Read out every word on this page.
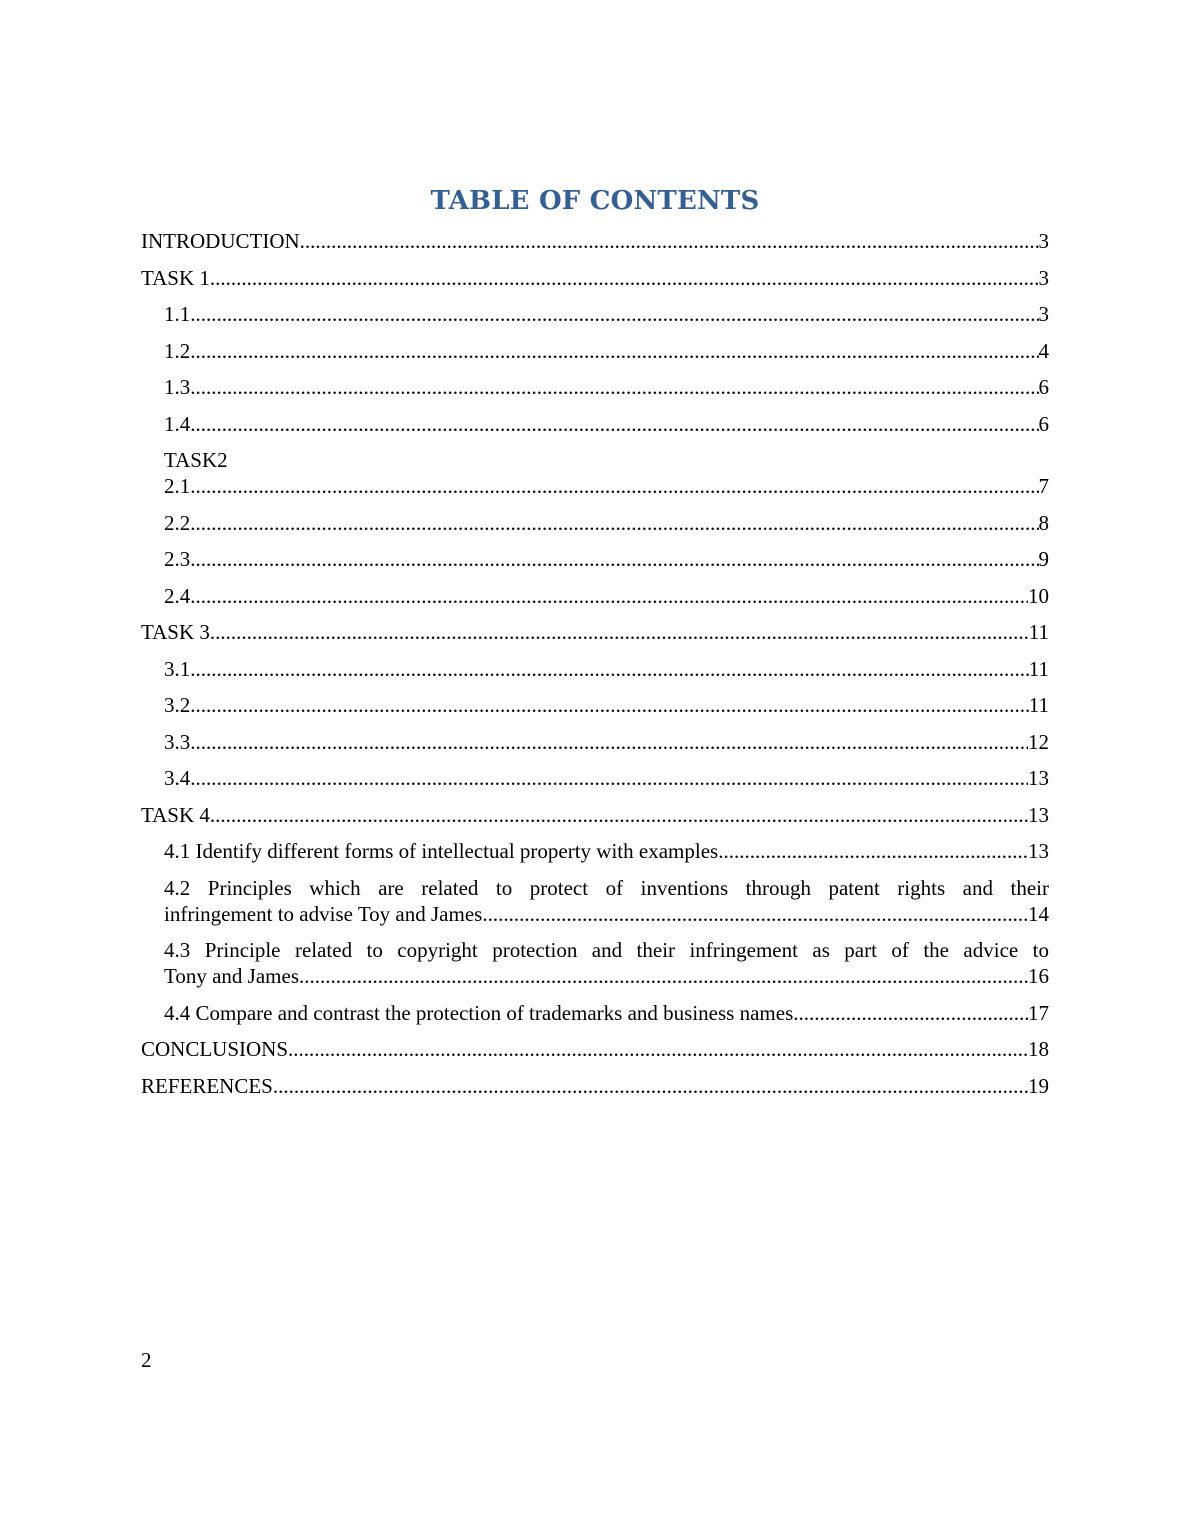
TABLE OF CONTENTS
INTRODUCTION .....	3
TASK 1 .....	3
1.1 .....	3
1.2 .....	4
1.3 .....	6
1.4 .....	6
TASK2
2.1 .....	7
2.2 .....	8
2.3 .....	9
2.4 .....	10
TASK 3 .....	11
3.1 .....	11
3.2 .....	11
3.3 .....	12
3.4 .....	13
TASK 4 .....	13
4.1 Identify different forms of intellectual property with examples .....	13
4.2 Principles which are related to protect of inventions through patent rights and their
infringement to advise Toy and James .....	14
4.3 Principle related to copyright protection and their infringement as part of the advice to
Tony and James .....	16
4.4 Compare and contrast the protection of trademarks and business names .....	17
CONCLUSIONS .....	18
REFERENCES .....	19
2
